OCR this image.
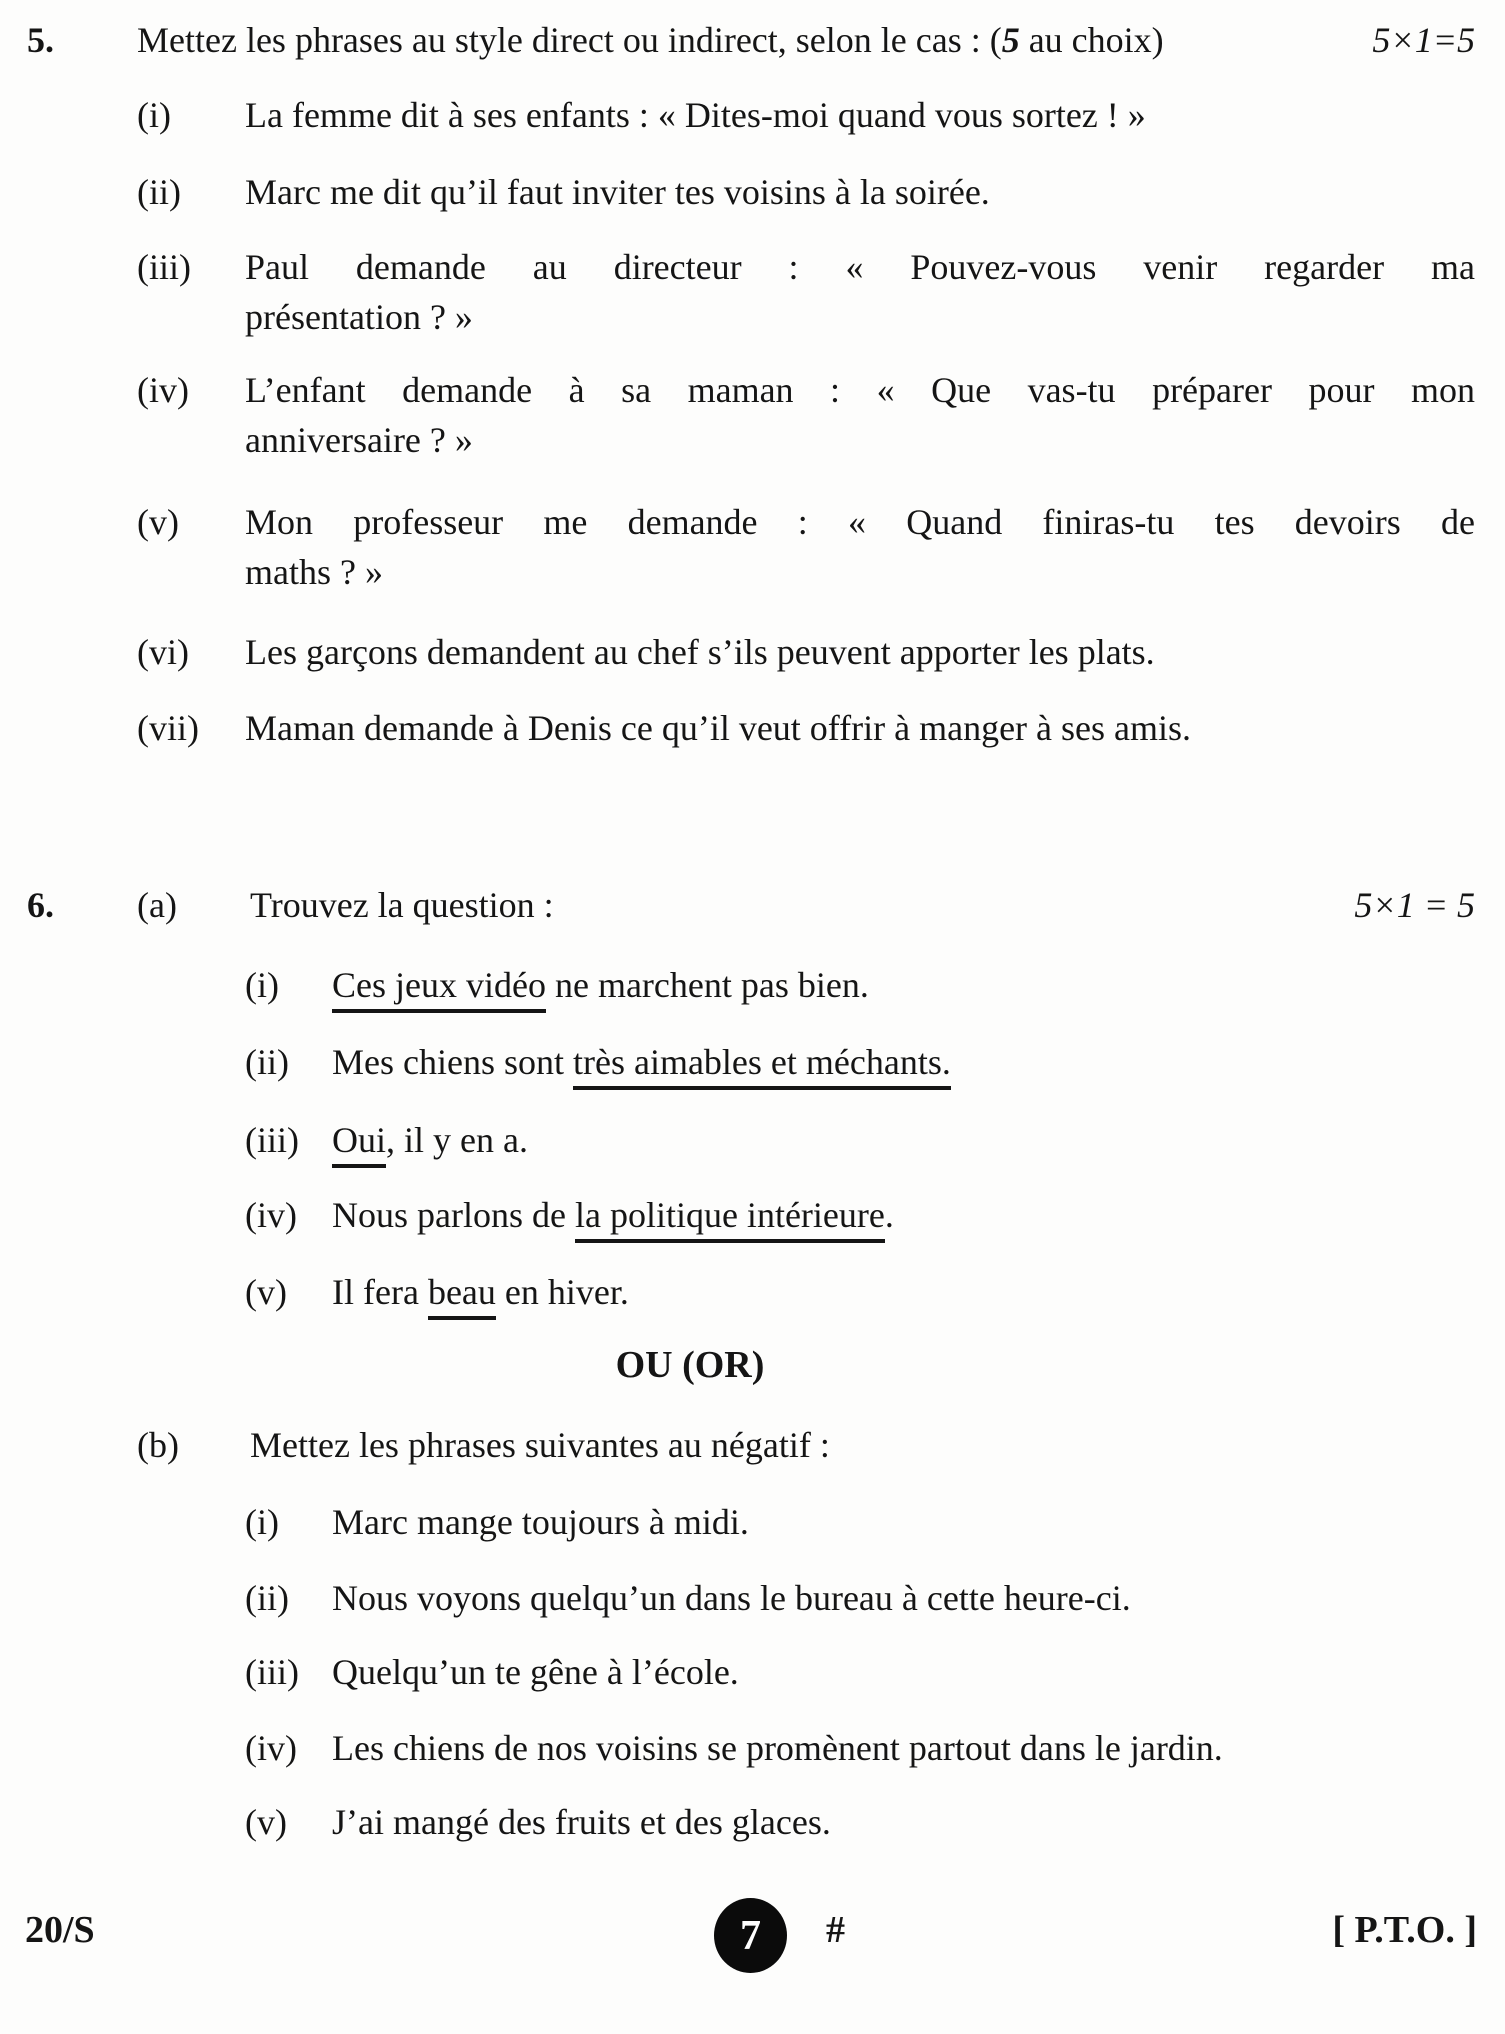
5.	Mettez les phrases au style direct ou indirect, selon le cas : (5 au choix)	5×1=5
(i)	La femme dit à ses enfants : « Dites-moi quand vous sortez ! »
(ii)	Marc me dit qu’il faut inviter tes voisins à la soirée.
(iii)	Paul demande au directeur : « Pouvez-vous venir regarder ma
présentation ? »
(iv)	L’enfant demande à sa maman : « Que vas-tu préparer pour mon
anniversaire ? »
(v)	Mon professeur me demande : « Quand finiras-tu tes devoirs de
maths ? »
(vi)	Les garçons demandent au chef s’ils peuvent apporter les plats.
(vii)	Maman demande à Denis ce qu’il veut offrir à manger à ses amis.
6.	(a)	Trouvez la question :	5×1 = 5
(i)	Ces jeux vidéo ne marchent pas bien.
(ii)	Mes chiens sont très aimables et méchants.
(iii) Oui, il y en a.
(iv) Nous parlons de la politique intérieure.
(v)	Il fera beau en hiver.
OU (OR)
(b)	Mettez les phrases suivantes au négatif :
(i)	Marc mange toujours à midi.
(ii)	Nous voyons quelqu’un dans le bureau à cette heure-ci.
(iii) Quelqu’un te gêne à l’école.
(iv) Les chiens de nos voisins se promènent partout dans le jardin.
(v)	J’ai mangé des fruits et des glaces.
20/S	7 #	[ P.T.O. ]
